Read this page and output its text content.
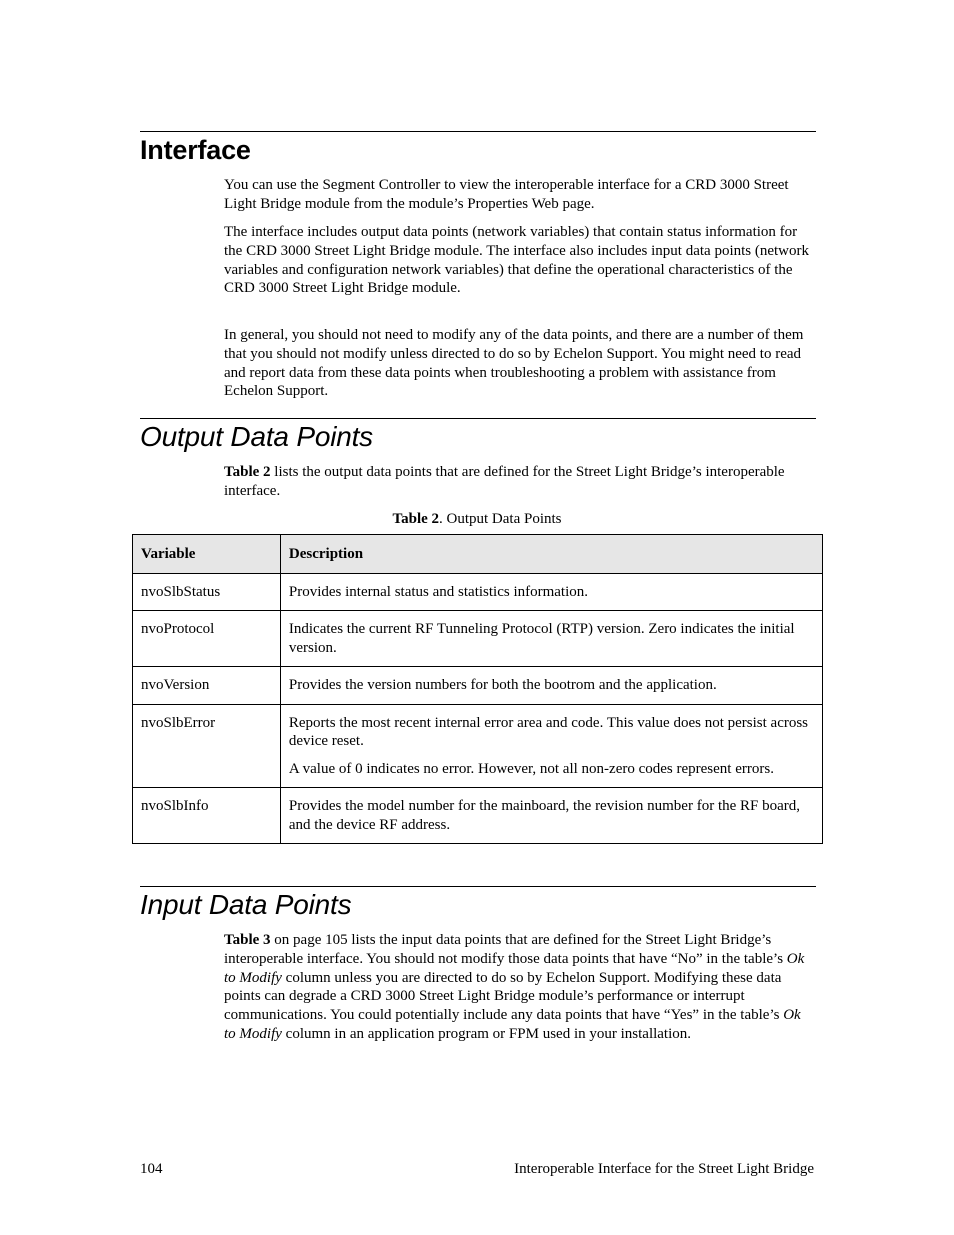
Interface

You can use the Segment Controller to view the interoperable interface for a CRD 3000 Street Light Bridge module from the module’s Properties Web page.

The interface includes output data points (network variables) that contain status information for the CRD 3000 Street Light Bridge module. The interface also includes input data points (network variables and configuration network variables) that define the operational characteristics of the CRD 3000 Street Light Bridge module.

In general, you should not need to modify any of the data points, and there are a number of them that you should not modify unless directed to do so by Echelon Support. You might need to read and report data from these data points when troubleshooting a problem with assistance from Echelon Support.

Output Data Points

Table 2 lists the output data points that are defined for the Street Light Bridge’s interoperable interface.

Table 2. Output Data Points
Variable	Description
nvoSlbStatus	Provides internal status and statistics information.

nvoProtocol	Indicates the current RF Tunneling Protocol (RTP) version. Zero indicates the initial version.

nvoVersion	Provides the version numbers for both the bootrom and the application.

nvoSlbError	Reports the most recent internal error area and code. This value does not persist across device reset.

A value of 0 indicates no error. However, not all non-zero codes represent errors.

nvoSlbInfo	Provides the model number for the mainboard, the revision number for the RF board, and the device RF address.

Input Data Points

Table 3 on page 105 lists the input data points that are defined for the Street Light Bridge’s interoperable interface. You should not modify those data points that have “No” in the table’s Ok to Modify column unless you are directed to do so by Echelon Support. Modifying these data points can degrade a CRD 3000 Street Light Bridge module’s performance or interrupt communications. You could potentially include any data points that have “Yes” in the table’s Ok to Modify column in an application program or FPM used in your installation.

104	Interoperable Interface for the Street Light Bridge
